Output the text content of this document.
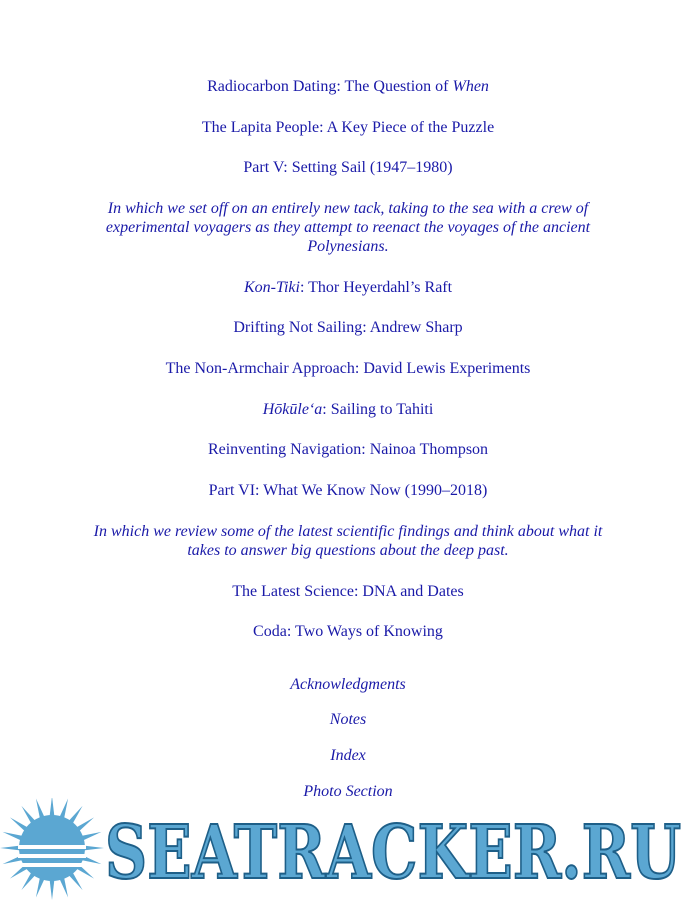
Radiocarbon Dating: The Question of When
The Lapita People: A Key Piece of the Puzzle
Part V: Setting Sail (1947–1980)
In which we set off on an entirely new tack, taking to the sea with a crew of
experimental voyagers as they attempt to reenact the voyages of the ancient
Polynesians.
Kon-Tiki: Thor Heyerdahl’s Raft
Drifting Not Sailing: Andrew Sharp
The Non-Armchair Approach: David Lewis Experiments
Hōkūleʻa: Sailing to Tahiti
Reinventing Navigation: Nainoa Thompson
Part VI: What We Know Now (1990–2018)
In which we review some of the latest scientific findings and think about what it
takes to answer big questions about the deep past.
The Latest Science: DNA and Dates
Coda: Two Ways of Knowing
Acknowledgments
Notes
Index
Photo Section
SEATRACKER.RU
